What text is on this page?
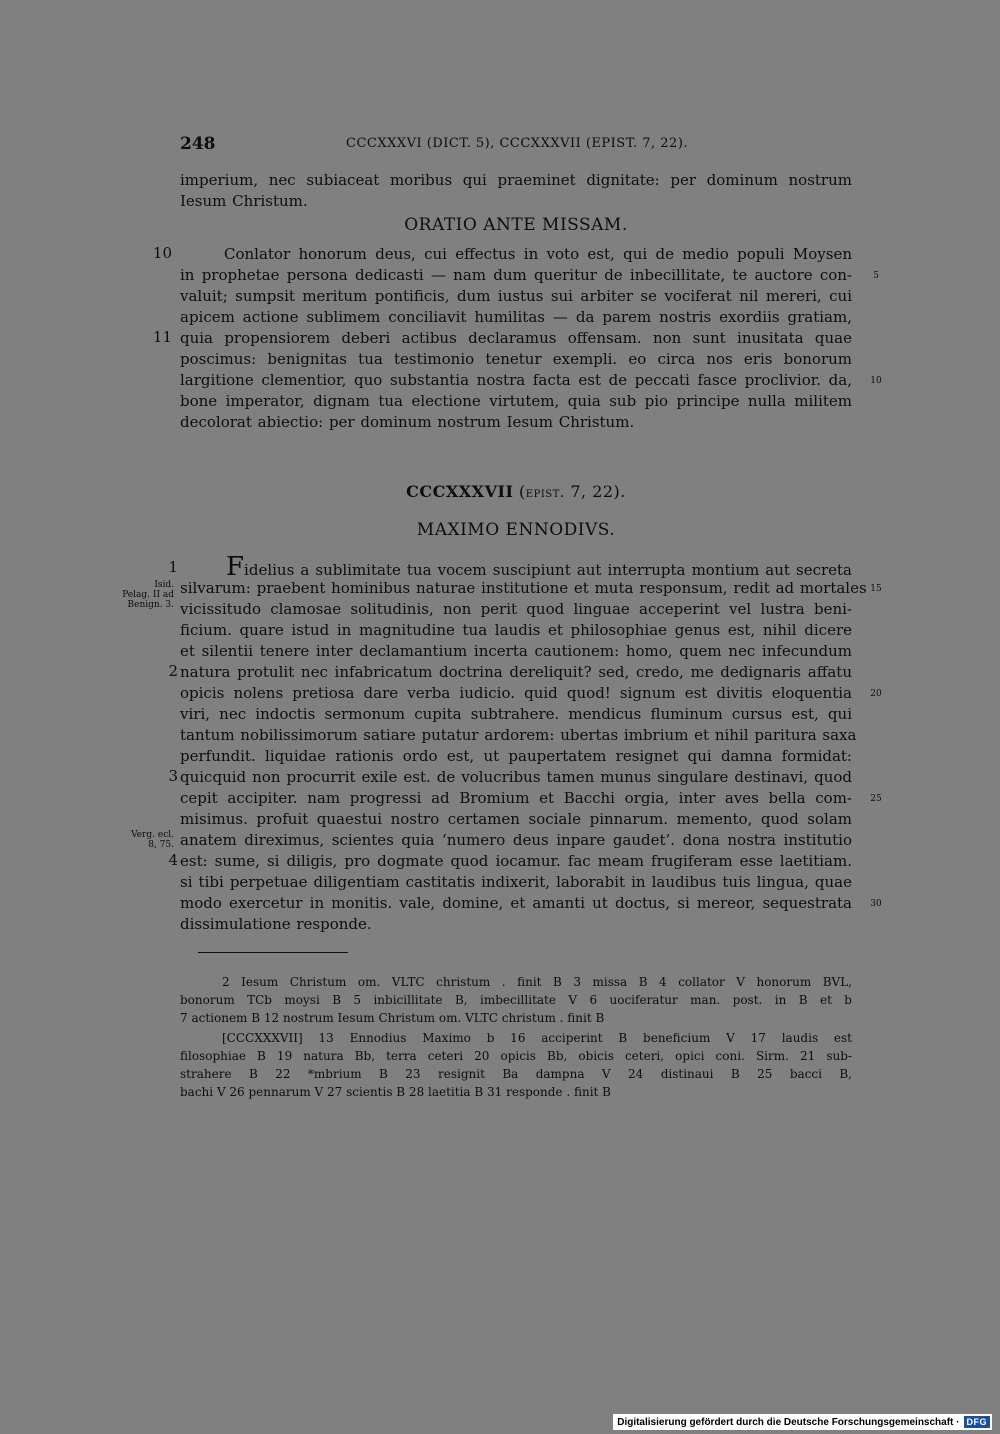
248	CCCXXXVI (DICT. 5), CCCXXXVII (EPIST. 7, 22).
imperium, nec subiaceat moribus qui praeminet dignitate: per dominum nostrum
Iesum Christum.
ORATIO ANTE MISSAM.
10	Conlator honorum deus, cui effectus in voto est, qui de medio populi Moysen
in prophetae persona dedicasti — nam dum queritur de inbecillitate, te auctore con-
valuit; sumpsit meritum pontificis, dum iustus sui arbiter se vociferat nil mereri, cui
apicem actione sublimem conciliavit humilitas — da parem nostris exordiis gratiam,
11 quia propensiorem deberi actibus declaramus offensam. non sunt inusitata quae
poscimus: benignitas tua testimonio tenetur exempli. eo circa nos eris bonorum
largitione clementior, quo substantia nostra facta est de peccati fasce proclivior. da,
bone imperator, dignam tua electione virtutem, quia sub pio principe nulla militem
decolorat abiectio: per dominum nostrum Iesum Christum.
CCCXXXVII (epist. 7, 22).
MAXIMO ENNODIVS.
1	Fidelius a sublimitate tua vocem suscipiunt aut interrupta montium aut secreta
silvarum: praebent hominibus naturae institutione et muta responsum, redit ad mortales
vicissitudo clamosae solitudinis, non perit quod linguae acceperint vel lustra beni-
ficium. quare istud in magnitudine tua laudis et philosophiae genus est, nihil dicere
et silentii tenere inter declamantium incerta cautionem: homo, quem nec infecundum
2 natura protulit nec infabricatum doctrina dereliquit? sed, credo, me dedignaris affatu
opicis nolens pretiosa dare verba iudicio. quid quod! signum est divitis eloquentia
viri, nec indoctis sermonum cupita subtrahere. mendicus fluminum cursus est, qui
tantum nobilissimorum satiare putatur ardorem: ubertas imbrium et nihil paritura saxa
perfundit. liquidae rationis ordo est, ut paupertatem resignet qui damna formidat:
3 quicquid non procurrit exile est. de volucribus tamen munus singulare destinavi, quod
cepit accipiter. nam progressi ad Bromium et Bacchi orgia, inter aves bella com-
misimus. profuit quaestui nostro certamen sociale pinnarum. memento, quod solam
anatem direximus, scientes quia ‘numero deus inpare gaudet’. dona nostra institutio
4 est: sume, si diligis, pro dogmate quod iocamur. fac meam frugiferam esse laetitiam.
si tibi perpetuae diligentiam castitatis indixerit, laborabit in laudibus tuis lingua, quae
modo exercetur in monitis. vale, domine, et amanti ut doctus, si mereor, sequestrata
dissimulatione responde.
Isid.
Pelag. II ad
Benign. 3.
Verg. ecl.
8, 75.
5
10
15
20
25
30
2 Iesum Christum om. VLTC christum . finit B 3 missa B 4 collator V honorum BVL,
bonorum TCb moysi B 5 inbicillitate B, imbecillitate V 6 uociferatur man. post. in B et b
7 actionem B 12 nostrum Iesum Christum om. VLTC christum . finit B
[CCCXXXVII] 13 Ennodius Maximo b 16 acciperint B beneficium V 17 laudis est
filosophiae B 19 natura Bb, terra ceteri 20 opicis Bb, obicis ceteri, opici coni. Sirm. 21 sub-
strahere B 22 *mbrium B 23 resignit Ba dampna V 24 distinaui B 25 bacci B,
bachi V 26 pennarum V 27 scientis B 28 laetitia B 31 responde . finit B
Digitalisierung gefördert durch die Deutsche Forschungsgemeinschaft · DFG
